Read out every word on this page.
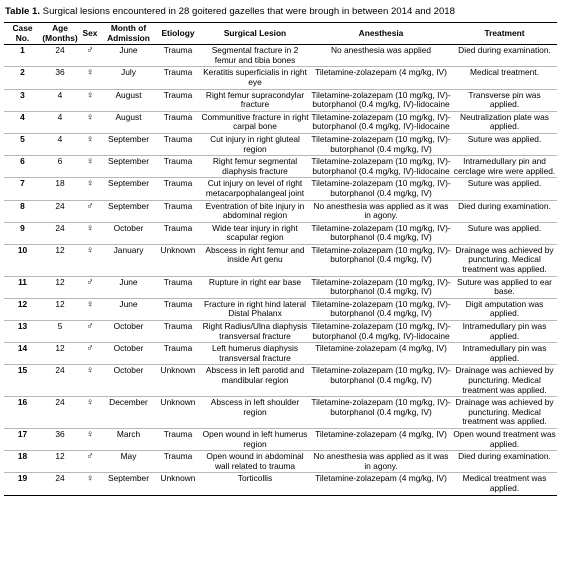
Table 1. Surgical lesions encountered in 28 goitered gazelles that were brough in between 2014 and 2018
Case No.	Age (Months)	Sex	Month of Admission	Etiology	Surgical Lesion	Anesthesia	Treatment
1	24	♂	June	Trauma	Segmental fracture in 2 femur and tibia bones	No anesthesia was applied	Died during examination.
2	36	♀	July	Trauma	Keratitis superficialis in right eye	Tiletamine-zolazepam (4 mg/kg, IV)	Medical treatment.
3	4	♀	August	Trauma	Right femur supracondylar fracture	Tiletamine-zolazepam (10 mg/kg, IV)-butorphanol (0.4 mg/kg, IV)-lidocaine	Transverse pin was applied.
4	4	♀	August	Trauma	Communitive fracture in right carpal bone	Tiletamine-zolazepam (10 mg/kg, IV)-butorphanol (0.4 mg/kg, IV)-lidocaine	Neutralization plate was applied.
5	4	♀	September	Trauma	Cut injury in right gluteal region	Tiletamine-zolazepam (10 mg/kg, IV)-butorphanol (0.4 mg/kg, IV)	Suture was applied.
6	6	♀	September	Trauma	Right femur segmental diaphysis fracture	Tiletamine-zolazepam (10 mg/kg, IV)-butorphanol (0.4 mg/kg, IV)-lidocaine	Intramedullary pin and cerclage wire were applied.
7	18	♀	September	Trauma	Cut injury on level of right metacarpophalangeal joint	Tiletamine-zolazepam (10 mg/kg, IV)-butorphanol (0.4 mg/kg, IV)	Suture was applied.
8	24	♂	September	Trauma	Eventration of bite injury in abdominal region	No anesthesia was applied as it was in agony.	Died during examination.
9	24	♀	October	Trauma	Wide tear injury in right scapular region	Tiletamine-zolazepam (10 mg/kg, IV)-butorphanol (0.4 mg/kg, IV)	Suture was applied.
10	12	♀	January	Unknown	Abscess in right femur and inside Art genu	Tiletamine-zolazepam (10 mg/kg, IV)-butorphanol (0.4 mg/kg, IV)	Drainage was achieved by puncturing. Medical treatment was applied.
11	12	♂	June	Trauma	Rupture in right ear base	Tiletamine-zolazepam (10 mg/kg, IV)-butorphanol (0.4 mg/kg, IV)	Suture was applied to ear base.
12	12	♀	June	Trauma	Fracture in right hind lateral Distal Phalanx	Tiletamine-zolazepam (10 mg/kg, IV)-butorphanol (0.4 mg/kg, IV)	Digit amputation was applied.
13	5	♂	October	Trauma	Right Radius/Ulna diaphysis transversal fracture	Tiletamine-zolazepam (10 mg/kg, IV)-butorphanol (0.4 mg/kg, IV)-lidocaine	Intramedullary pin was applied.
14	12	♂	October	Trauma	Left humerus diaphysis transversal fracture	Tiletamine-zolazepam (4 mg/kg, IV)	Intramedullary pin was applied.
15	24	♀	October	Unknown	Abscess in left parotid and mandibular region	Tiletamine-zolazepam (10 mg/kg, IV)-butorphanol (0.4 mg/kg, IV)	Drainage was achieved by puncturing. Medical treatment was applied.
16	24	♀	December	Unknown	Abscess in left shoulder region	Tiletamine-zolazepam (10 mg/kg, IV)-butorphanol (0.4 mg/kg, IV)	Drainage was achieved by puncturing. Medical treatment was applied.
17	36	♀	March	Trauma	Open wound in left humerus region	Tiletamine-zolazepam (4 mg/kg, IV)	Open wound treatment was applied.
18	12	♂	May	Trauma	Open wound in abdominal wall related to trauma	No anesthesia was applied as it was in agony.	Died during examination.
19	24	♀	September	Unknown	Torticollis	Tiletamine-zolazepam (4 mg/kg, IV)	Medical treatment was applied.
